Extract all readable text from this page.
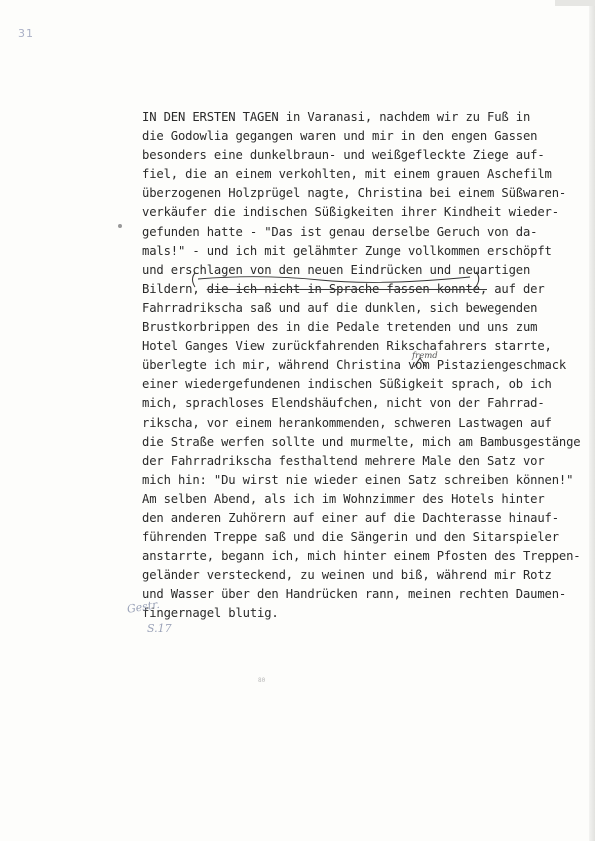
31
IN DEN ERSTEN TAGEN in Varanasi, nachdem wir zu Fuß in
die Godowlia gegangen waren und mir in den engen Gassen
besonders eine dunkelbraun- und weißgefleckte Ziege auf-
fiel, die an einem verkohlten, mit einem grauen Aschefilm
überzogenen Holzprügel nagte, Christina bei einem Süßwaren-
verkäufer die indischen Süßigkeiten ihrer Kindheit wieder-
gefunden hatte - "Das ist genau derselbe Geruch von da-
mals!" - und ich mit gelähmter Zunge vollkommen erschöpft
und erschlagen von den neuen Eindrücken und neuartigen
Bildern, die ich nicht in Sprache fassen konnte, auf der
Fahrradrikscha saß und auf die dunklen, sich bewegenden
Brustkorbrippen des in die Pedale tretenden und uns zum
Hotel Ganges View zurückfahrenden Rikschafahrers starrte,
überlegte ich mir, während Christina vom Pistaziengeschmack
einer wiedergefundenen indischen Süßigkeit sprach, ob ich
mich, sprachloses Elendshäufchen, nicht von der Fahrrad-
rikscha, vor einem herankommenden, schweren Lastwagen auf
die Straße werfen sollte und murmelte, mich am Bambusgestänge
der Fahrradrikscha festhaltend mehrere Male den Satz vor
mich hin: "Du wirst nie wieder einen Satz schreiben können!"
Am selben Abend, als ich im Wohnzimmer des Hotels hinter
den anderen Zuhörern auf einer auf die Dachterasse hinauf-
führenden Treppe saß und die Sängerin und den Sitarspieler
anstarrte, begann ich, mich hinter einem Pfosten des Treppen-
geländer versteckend, zu weinen und biß, während mir Rotz
und Wasser über den Handrücken rann, meinen rechten Daumen-
fingernagel blutig.
fremd
Gestr.
S.17
80
